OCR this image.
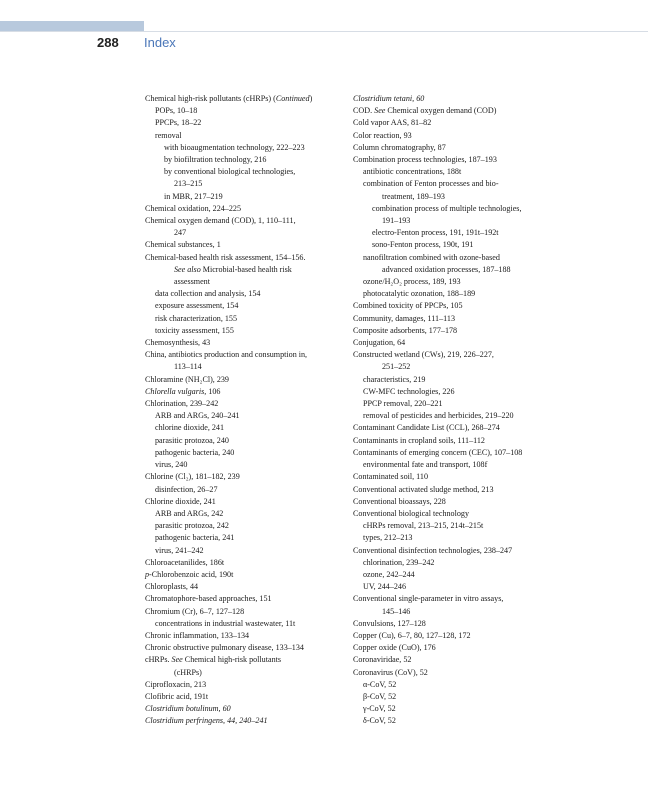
288 Index
Chemical high-risk pollutants (cHRPs) (Continued)
POPs, 10–18
PPCPs, 18–22
removal
with bioaugmentation technology, 222–223
by biofiltration technology, 216
by conventional biological technologies,
213–215
in MBR, 217–219
Chemical oxidation, 224–225
Chemical oxygen demand (COD), 1, 110–111,
247
Chemical substances, 1
Chemical-based health risk assessment, 154–156.
See also Microbial-based health risk
assessment
data collection and analysis, 154
exposure assessment, 154
risk characterization, 155
toxicity assessment, 155
Chemosynthesis, 43
China, antibiotics production and consumption in,
113–114
Chloramine (NH₂Cl), 239
Chlorella vulgaris, 106
Chlorination, 239–242
ARB and ARGs, 240–241
chlorine dioxide, 241
parasitic protozoa, 240
pathogenic bacteria, 240
virus, 240
Chlorine (Cl₂), 181–182, 239
disinfection, 26–27
Chlorine dioxide, 241
ARB and ARGs, 242
parasitic protozoa, 242
pathogenic bacteria, 241
virus, 241–242
Chloroacetanilides, 186t
p-Chlorobenzoic acid, 190t
Chloroplasts, 44
Chromatophore-based approaches, 151
Chromium (Cr), 6–7, 127–128
concentrations in industrial wastewater, 11t
Chronic inflammation, 133–134
Chronic obstructive pulmonary disease, 133–134
cHRPs. See Chemical high-risk pollutants
(cHRPs)
Ciprofloxacin, 213
Clofibric acid, 191t
Clostridium botulinum, 60
Clostridium perfringens, 44, 240–241
Clostridium tetani, 60
COD. See Chemical oxygen demand (COD)
Cold vapor AAS, 81–82
Color reaction, 93
Column chromatography, 87
Combination process technologies, 187–193
antibiotic concentrations, 188t
combination of Fenton processes and bio-
treatment, 189–193
combination process of multiple technologies,
191–193
electro-Fenton process, 191, 191t–192t
sono-Fenton process, 190t, 191
nanofiltration combined with ozone-based
advanced oxidation processes, 187–188
ozone/H₂O₂ process, 189, 193
photocatalytic ozonation, 188–189
Combined toxicity of PPCPs, 105
Community, damages, 111–113
Composite adsorbents, 177–178
Conjugation, 64
Constructed wetland (CWs), 219, 226–227,
251–252
characteristics, 219
CW-MFC technologies, 226
PPCP removal, 220–221
removal of pesticides and herbicides, 219–220
Contaminant Candidate List (CCL), 268–274
Contaminants in cropland soils, 111–112
Contaminants of emerging concern (CEC), 107–108
environmental fate and transport, 108f
Contaminated soil, 110
Conventional activated sludge method, 213
Conventional bioassays, 228
Conventional biological technology
cHRPs removal, 213–215, 214t–215t
types, 212–213
Conventional disinfection technologies, 238–247
chlorination, 239–242
ozone, 242–244
UV, 244–246
Conventional single-parameter in vitro assays,
145–146
Convulsions, 127–128
Copper (Cu), 6–7, 80, 127–128, 172
Copper oxide (CuO), 176
Coronaviridae, 52
Coronavirus (CoV), 52
α-CoV, 52
β-CoV, 52
γ-CoV, 52
δ-CoV, 52
